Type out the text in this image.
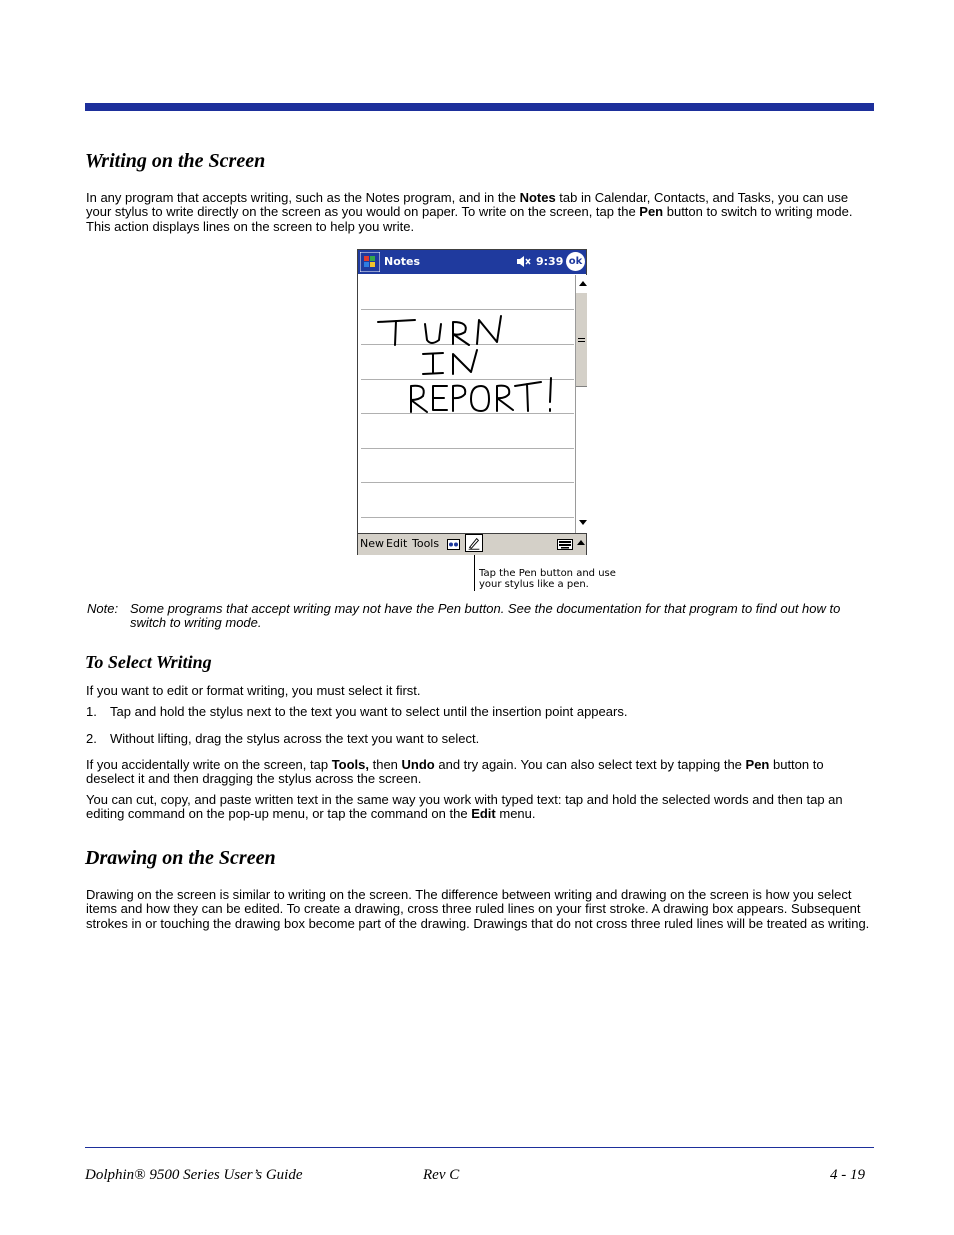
Writing on the Screen
In any program that accepts writing, such as the Notes program, and in the Notes tab in Calendar, Contacts, and Tasks, you can use your stylus to write directly on the screen as you would on paper. To write on the screen, tap the Pen button to switch to writing mode. This action displays lines on the screen to help you write.
Notes	9:39 ok
New Edit Tools
Tap the Pen button and use
your stylus like a pen.
Note: Some programs that accept writing may not have the Pen button. See the documentation for that program to find out how to switch to writing mode.
To Select Writing
If you want to edit or format writing, you must select it first.
1. Tap and hold the stylus next to the text you want to select until the insertion point appears.
2. Without lifting, drag the stylus across the text you want to select.
If you accidentally write on the screen, tap Tools, then Undo and try again. You can also select text by tapping the Pen button to deselect it and then dragging the stylus across the screen.
You can cut, copy, and paste written text in the same way you work with typed text: tap and hold the selected words and then tap an editing command on the pop-up menu, or tap the command on the Edit menu.
Drawing on the Screen
Drawing on the screen is similar to writing on the screen. The difference between writing and drawing on the screen is how you select items and how they can be edited. To create a drawing, cross three ruled lines on your first stroke. A drawing box appears. Subsequent strokes in or touching the drawing box become part of the drawing. Drawings that do not cross three ruled lines will be treated as writing.
Dolphin® 9500 Series User’s Guide	Rev C	4 - 19
